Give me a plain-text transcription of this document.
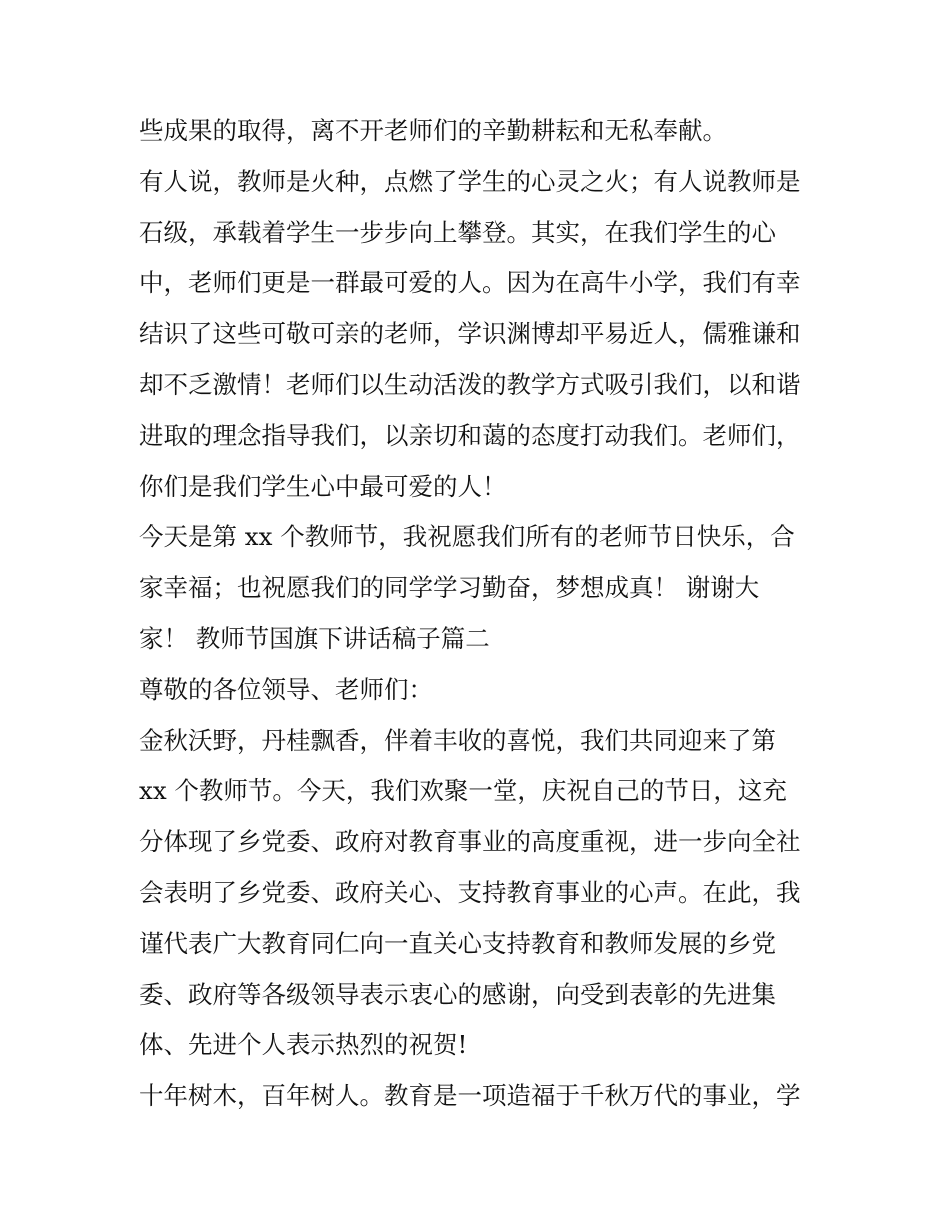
些成果的取得，离不开老师们的辛勤耕耘和无私奉献。
有人说，教师是火种，点燃了学生的心灵之火；有人说教师是
石级，承载着学生一步步向上攀登。其实，在我们学生的心
中，老师们更是一群最可爱的人。因为在高牛小学，我们有幸
结识了这些可敬可亲的老师，学识渊博却平易近人，儒雅谦和
却不乏激情！老师们以生动活泼的教学方式吸引我们，以和谐
进取的理念指导我们，以亲切和蔼的态度打动我们。老师们，
你们是我们学生心中最可爱的人！
今天是第 xx 个教师节，我祝愿我们所有的老师节日快乐，合
家幸福；也祝愿我们的同学学习勤奋，梦想成真！ 谢谢大
家！ 教师节国旗下讲话稿子篇二
尊敬的各位领导、老师们：
金秋沃野，丹桂飘香，伴着丰收的喜悦，我们共同迎来了第
xx 个教师节。今天，我们欢聚一堂，庆祝自己的节日，这充
分体现了乡党委、政府对教育事业的高度重视，进一步向全社
会表明了乡党委、政府关心、支持教育事业的心声。在此，我
谨代表广大教育同仁向一直关心支持教育和教师发展的乡党
委、政府等各级领导表示衷心的感谢，向受到表彰的先进集
体、先进个人表示热烈的祝贺!
十年树木，百年树人。教育是一项造福于千秋万代的事业，学
